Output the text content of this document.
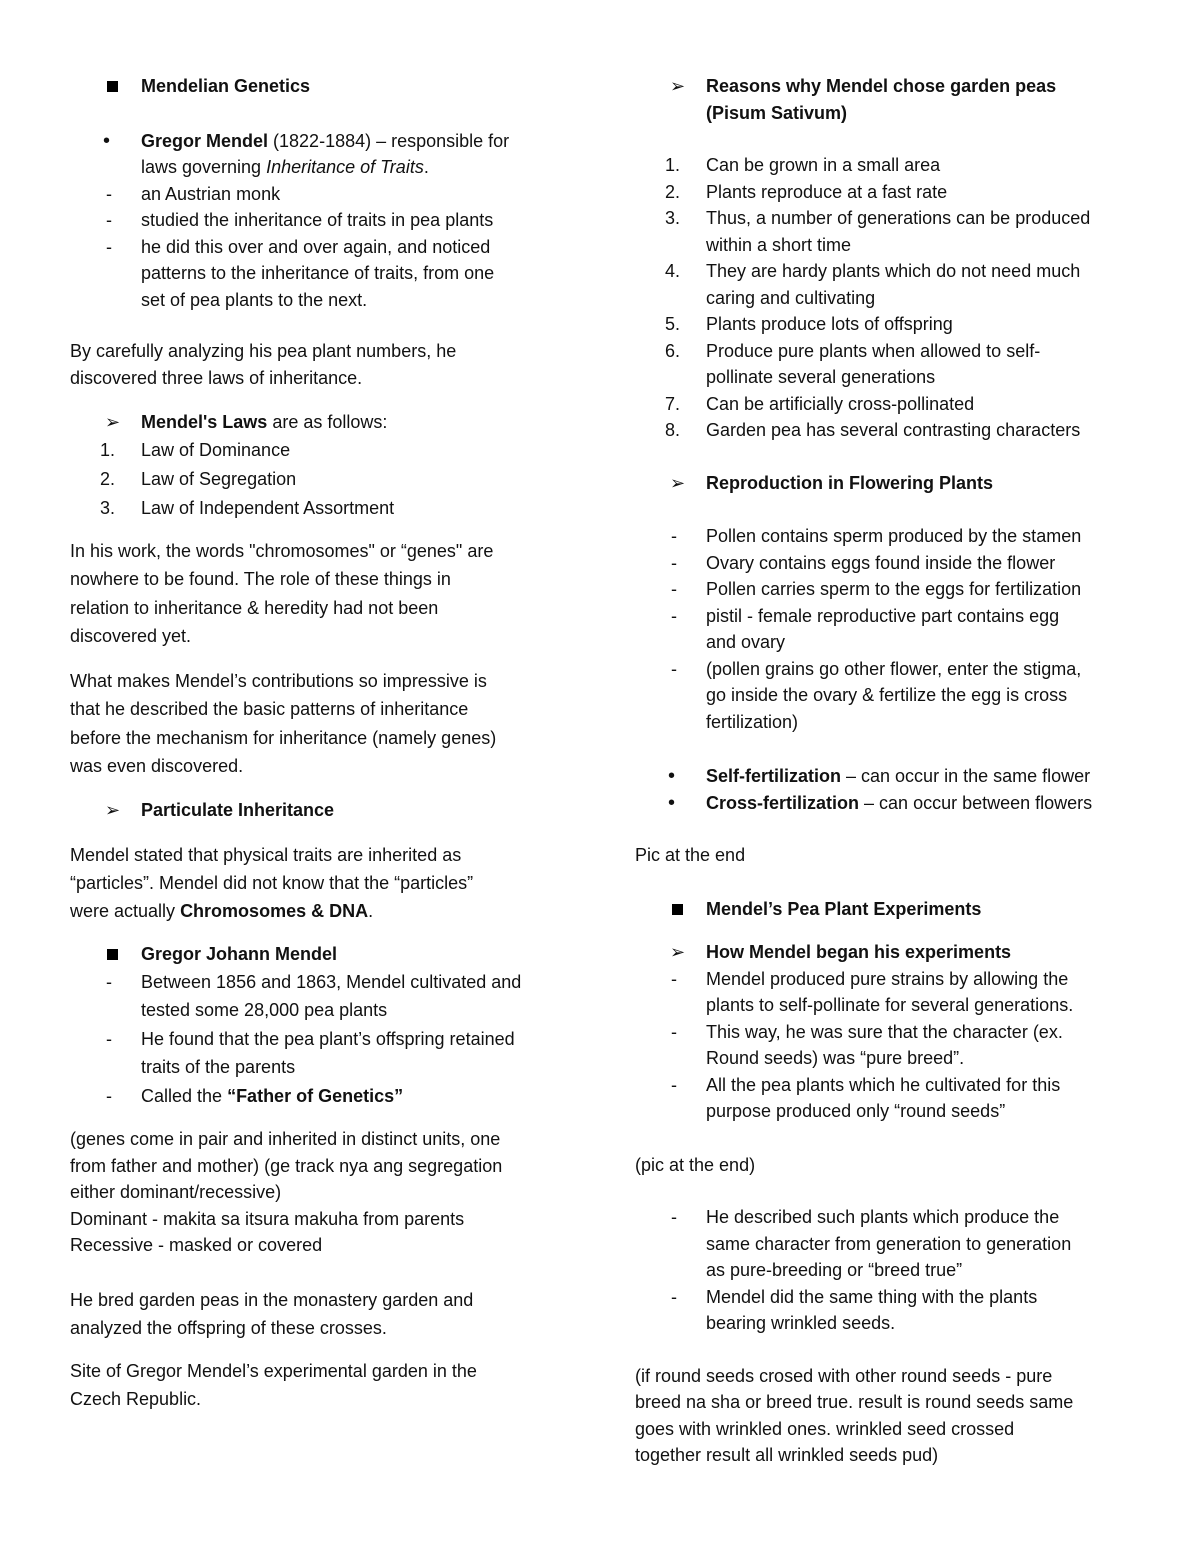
Mendelian Genetics
•	Gregor Mendel (1822-1884) – responsible for
laws governing Inheritance of Traits.
-	an Austrian monk
-	studied the inheritance of traits in pea plants
-	he did this over and over again, and noticed
patterns to the inheritance of traits, from one
set of pea plants to the next.
By carefully analyzing his pea plant numbers, he
discovered three laws of inheritance.
➢ Mendel's Laws are as follows:
1.	Law of Dominance
2.	Law of Segregation
3.	Law of Independent Assortment
In his work, the words "chromosomes" or “genes" are
nowhere to be found. The role of these things in
relation to inheritance & heredity had not been
discovered yet.
What makes Mendel’s contributions so impressive is
that he described the basic patterns of inheritance
before the mechanism for inheritance (namely genes)
was even discovered.
➢ Particulate Inheritance
Mendel stated that physical traits are inherited as
“particles”. Mendel did not know that the “particles”
were actually Chromosomes & DNA.
Gregor Johann Mendel
-	Between 1856 and 1863, Mendel cultivated and
tested some 28,000 pea plants
-	He found that the pea plant’s offspring retained
traits of the parents
-	Called the “Father of Genetics”
(genes come in pair and inherited in distinct units, one
from father and mother) (ge track nya ang segregation
either dominant/recessive)
Dominant - makita sa itsura makuha from parents
Recessive - masked or covered
He bred garden peas in the monastery garden and
analyzed the offspring of these crosses.
Site of Gregor Mendel’s experimental garden in the
Czech Republic.
➢ Reasons why Mendel chose garden peas
(Pisum Sativum)
1.	Can be grown in a small area
2.	Plants reproduce at a fast rate
3.	Thus, a number of generations can be produced
within a short time
4.	They are hardy plants which do not need much
caring and cultivating
5.	Plants produce lots of offspring
6.	Produce pure plants when allowed to self-
pollinate several generations
7.	Can be artificially cross-pollinated
8.	Garden pea has several contrasting characters
➢ Reproduction in Flowering Plants
-	Pollen contains sperm produced by the stamen
-	Ovary contains eggs found inside the flower
-	Pollen carries sperm to the eggs for fertilization
-	pistil - female reproductive part contains egg
and ovary
-	(pollen grains go other flower, enter the stigma,
go inside the ovary & fertilize the egg is cross
fertilization)
•	Self-fertilization – can occur in the same flower
•	Cross-fertilization – can occur between flowers
Pic at the end
Mendel’s Pea Plant Experiments
➢ How Mendel began his experiments
-	Mendel produced pure strains by allowing the
plants to self-pollinate for several generations.
-	This way, he was sure that the character (ex.
Round seeds) was “pure breed”.
-	All the pea plants which he cultivated for this
purpose produced only “round seeds”
(pic at the end)
-	He described such plants which produce the
same character from generation to generation
as pure-breeding or “breed true”
-	Mendel did the same thing with the plants
bearing wrinkled seeds.
(if round seeds crosed with other round seeds - pure
breed na sha or breed true. result is round seeds same
goes with wrinkled ones. wrinkled seed crossed
together result all wrinkled seeds pud)
